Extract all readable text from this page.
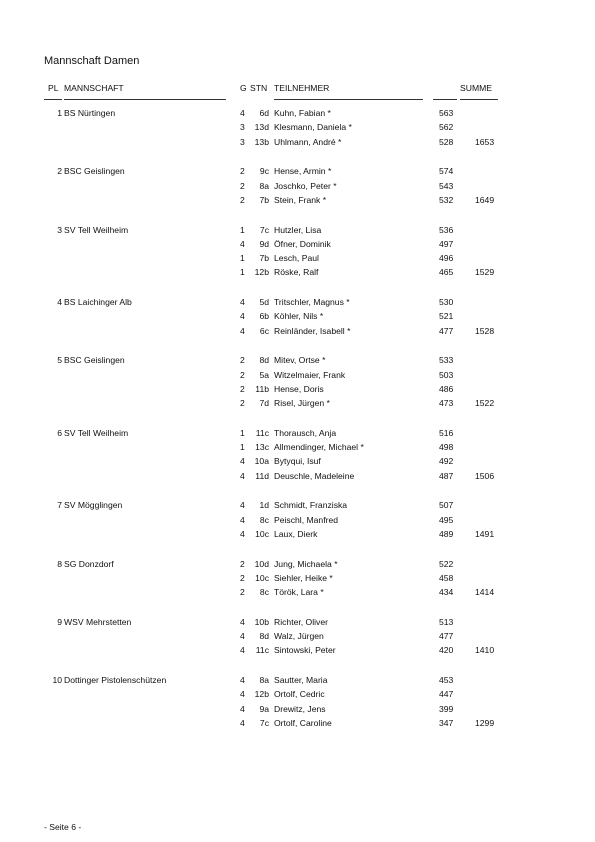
Mannschaft Damen
PL MANNSCHAFT	G STN TEILNEHMER	SUMME
1 BS Nürtingen	4 6d Kuhn, Fabian *	563
3 13d Klesmann, Daniela *	562
3 13b Uhlmann, André *	528	1653
2 BSC Geislingen	2 9c Hense, Armin *	574
2 8a Joschko, Peter *	543
2 7b Stein, Frank *	532	1649
3 SV Tell Weilheim	1 7c Hutzler, Lisa	536
4 9d Öfner, Dominik	497
1 7b Lesch, Paul	496
1 12b Röske, Ralf	465	1529
4 BS Laichinger Alb	4 5d Tritschler, Magnus *	530
4 6b Köhler, Nils *	521
4 6c Reinländer, Isabell *	477	1528
5 BSC Geislingen	2 8d Mitev, Ortse *	533
2 5a Witzelmaier, Frank	503
2 11b Hense, Doris	486
2 7d Risel, Jürgen *	473	1522
6 SV Tell Weilheim	1 11c Thorausch, Anja	516
1 13c Allmendinger, Michael *	498
4 10a Bytyqui, Isuf	492
4 11d Deuschle, Madeleine	487	1506
7 SV Mögglingen	4 1d Schmidt, Franziska	507
4 8c Peischl, Manfred	495
4 10c Laux, Dierk	489	1491
8 SG Donzdorf	2 10d Jung, Michaela *	522
2 10c Siehler, Heike *	458
2 8c Török, Lara *	434	1414
9 WSV Mehrstetten	4 10b Richter, Oliver	513
4 8d Walz, Jürgen	477
4 11c Sintowski, Peter	420	1410
10 Dottinger Pistolenschützen	4 8a Sautter, Maria	453
4 12b Ortolf, Cedric	447
4 9a Drewitz, Jens	399
4 7c Ortolf, Caroline	347	1299
- Seite 6 -
